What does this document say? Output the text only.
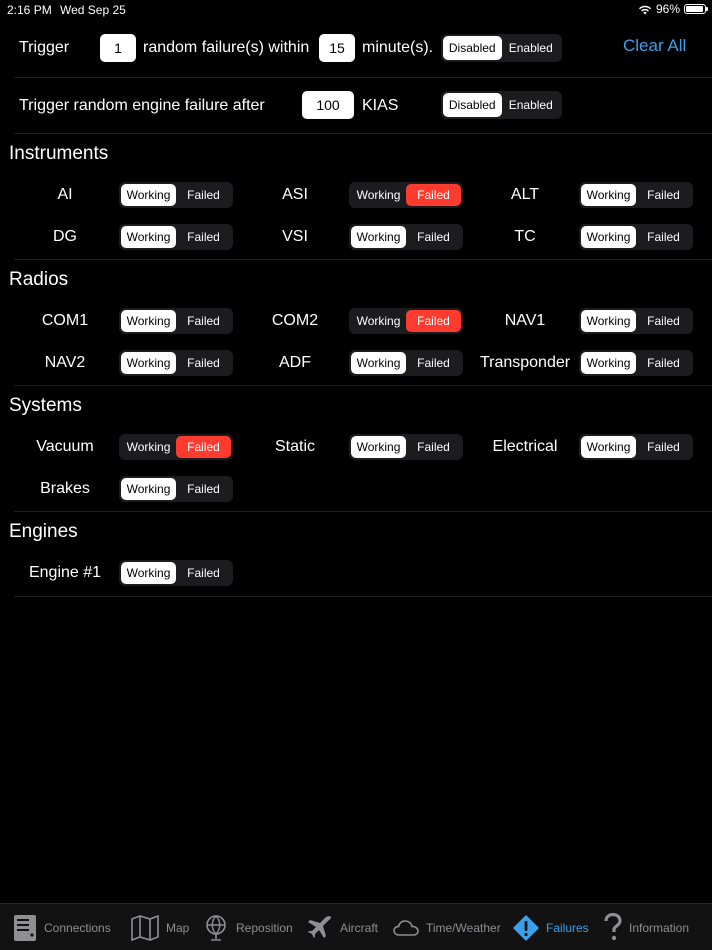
2:16 PM Wed Sep 25	96%
Trigger
1	random failure(s) within
15	minute(s).	Disabled	Enabled	Clear All
Trigger random engine failure after
100	KIAS	Disabled	Enabled
Instruments
AI	Working	Failed	ASI	Working	Failed	ALT	Working	Failed
DG	Working	Failed	VSI	Working	Failed	TC	Working	Failed
Radios
COM1	Working	Failed	COM2	Working	Failed	NAV1	Working	Failed
NAV2	Working	Failed	ADF	Working	Failed	Transponder	Working	Failed
Systems
Vacuum	Working	Failed	Static	Working	Failed	Electrical	Working	Failed
Brakes	Working	Failed
Engines
Engine #1	Working	Failed
Connections	Map	Reposition	Aircraft	Time/Weather	Failures	Information
